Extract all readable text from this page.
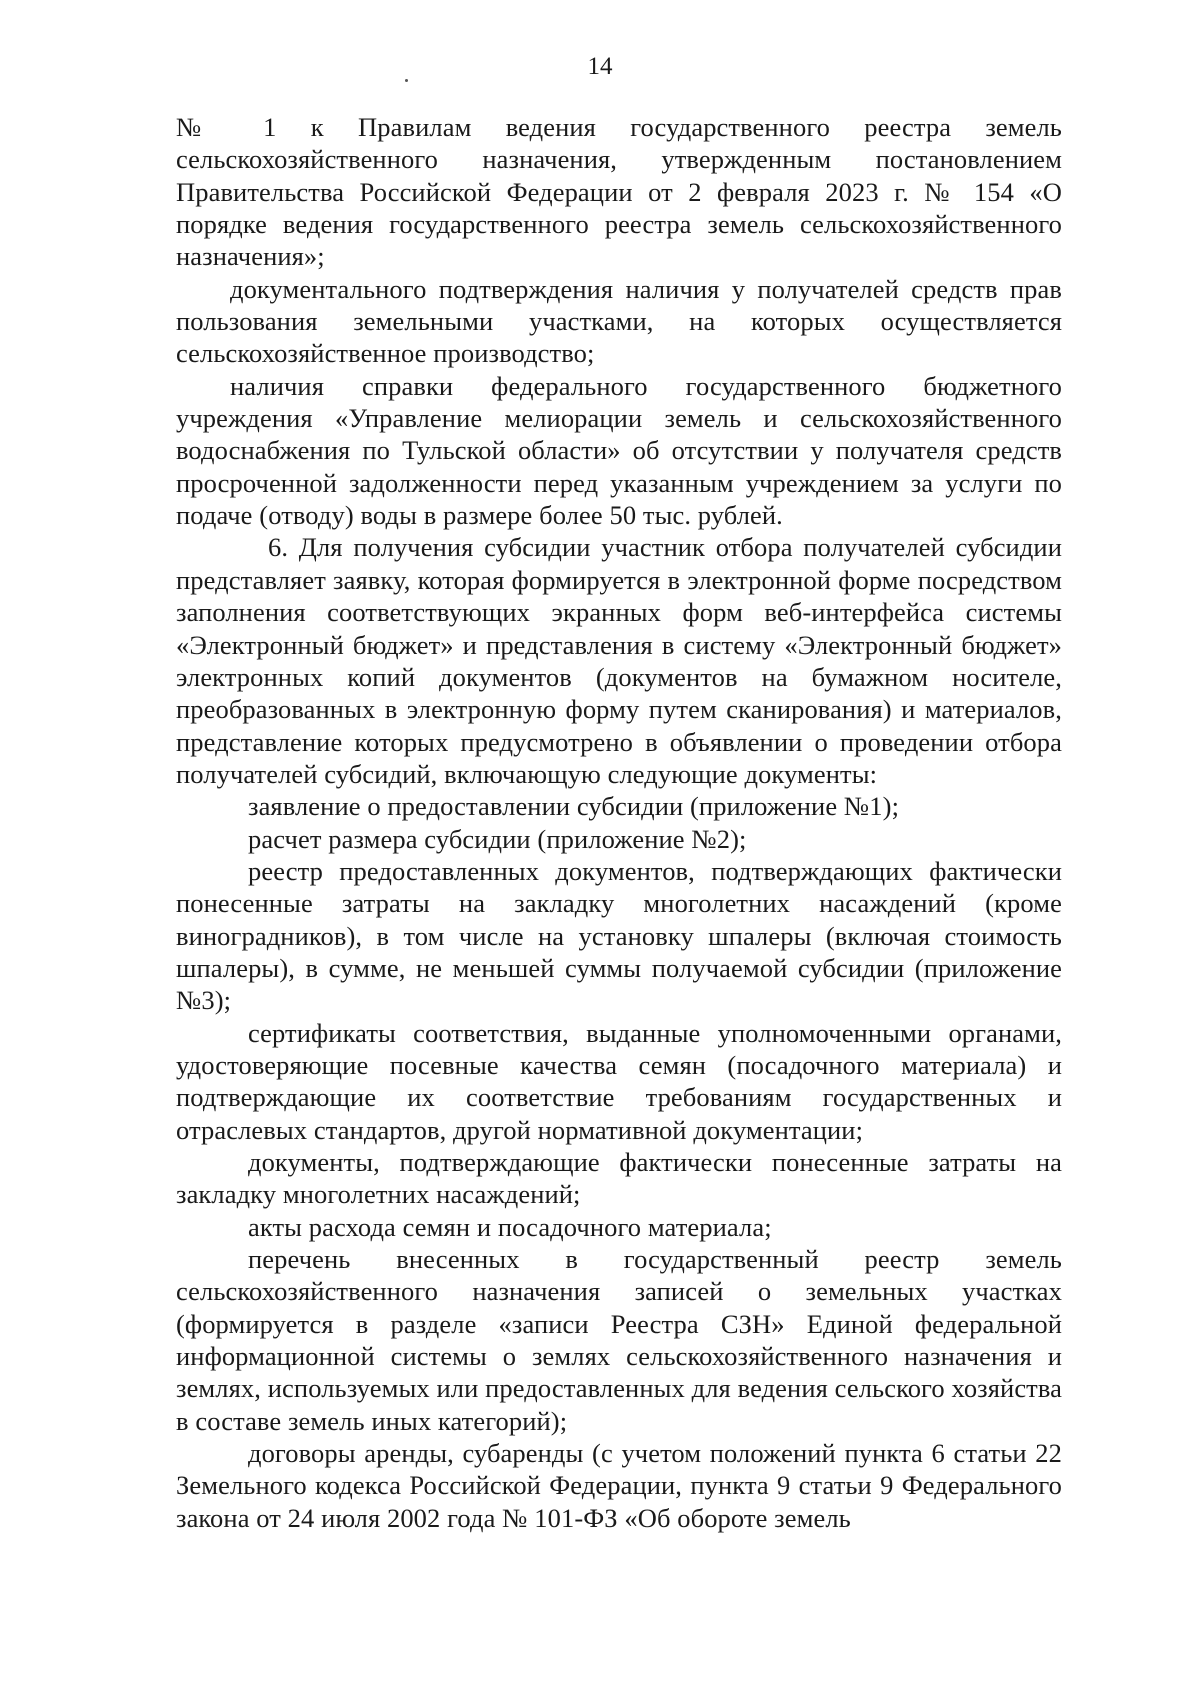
14

№ 1 к Правилам ведения государственного реестра земель сельскохозяйственного назначения, утвержденным постановлением Правительства Российской Федерации от 2 февраля 2023 г. № 154 «О порядке ведения государственного реестра земель сельскохозяйственного назначения»;

документального подтверждения наличия у получателей средств прав пользования земельными участками, на которых осуществляется сельскохозяйственное производство;

наличия справки федерального государственного бюджетного учреждения «Управление мелиорации земель и сельскохозяйственного водоснабжения по Тульской области» об отсутствии у получателя средств просроченной задолженности перед указанным учреждением за услуги по подаче (отводу) воды в размере более 50 тыс. рублей.

6. Для получения субсидии участник отбора получателей субсидии представляет заявку, которая формируется в электронной форме посредством заполнения соответствующих экранных форм веб-интерфейса системы «Электронный бюджет» и представления в систему «Электронный бюджет» электронных копий документов (документов на бумажном носителе, преобразованных в электронную форму путем сканирования) и материалов, представление которых предусмотрено в объявлении о проведении отбора получателей субсидий, включающую следующие документы:

заявление о предоставлении субсидии (приложение №1);

расчет размера субсидии (приложение №2);

реестр предоставленных документов, подтверждающих фактически понесенные затраты на закладку многолетних насаждений (кроме виноградников), в том числе на установку шпалеры (включая стоимость шпалеры), в сумме, не меньшей суммы получаемой субсидии (приложение №3);

сертификаты соответствия, выданные уполномоченными органами, удостоверяющие посевные качества семян (посадочного материала) и подтверждающие их соответствие требованиям государственных и отраслевых стандартов, другой нормативной документации;

документы, подтверждающие фактически понесенные затраты на закладку многолетних насаждений;

акты расхода семян и посадочного материала;

перечень внесенных в государственный реестр земель сельскохозяйственного назначения записей о земельных участках (формируется в разделе «записи Реестра СЗН» Единой федеральной информационной системы о землях сельскохозяйственного назначения и землях, используемых или предоставленных для ведения сельского хозяйства в составе земель иных категорий);

договоры аренды, субаренды (с учетом положений пункта 6 статьи 22 Земельного кодекса Российской Федерации, пункта 9 статьи 9 Федерального закона от 24 июля 2002 года № 101-ФЗ «Об обороте земель
